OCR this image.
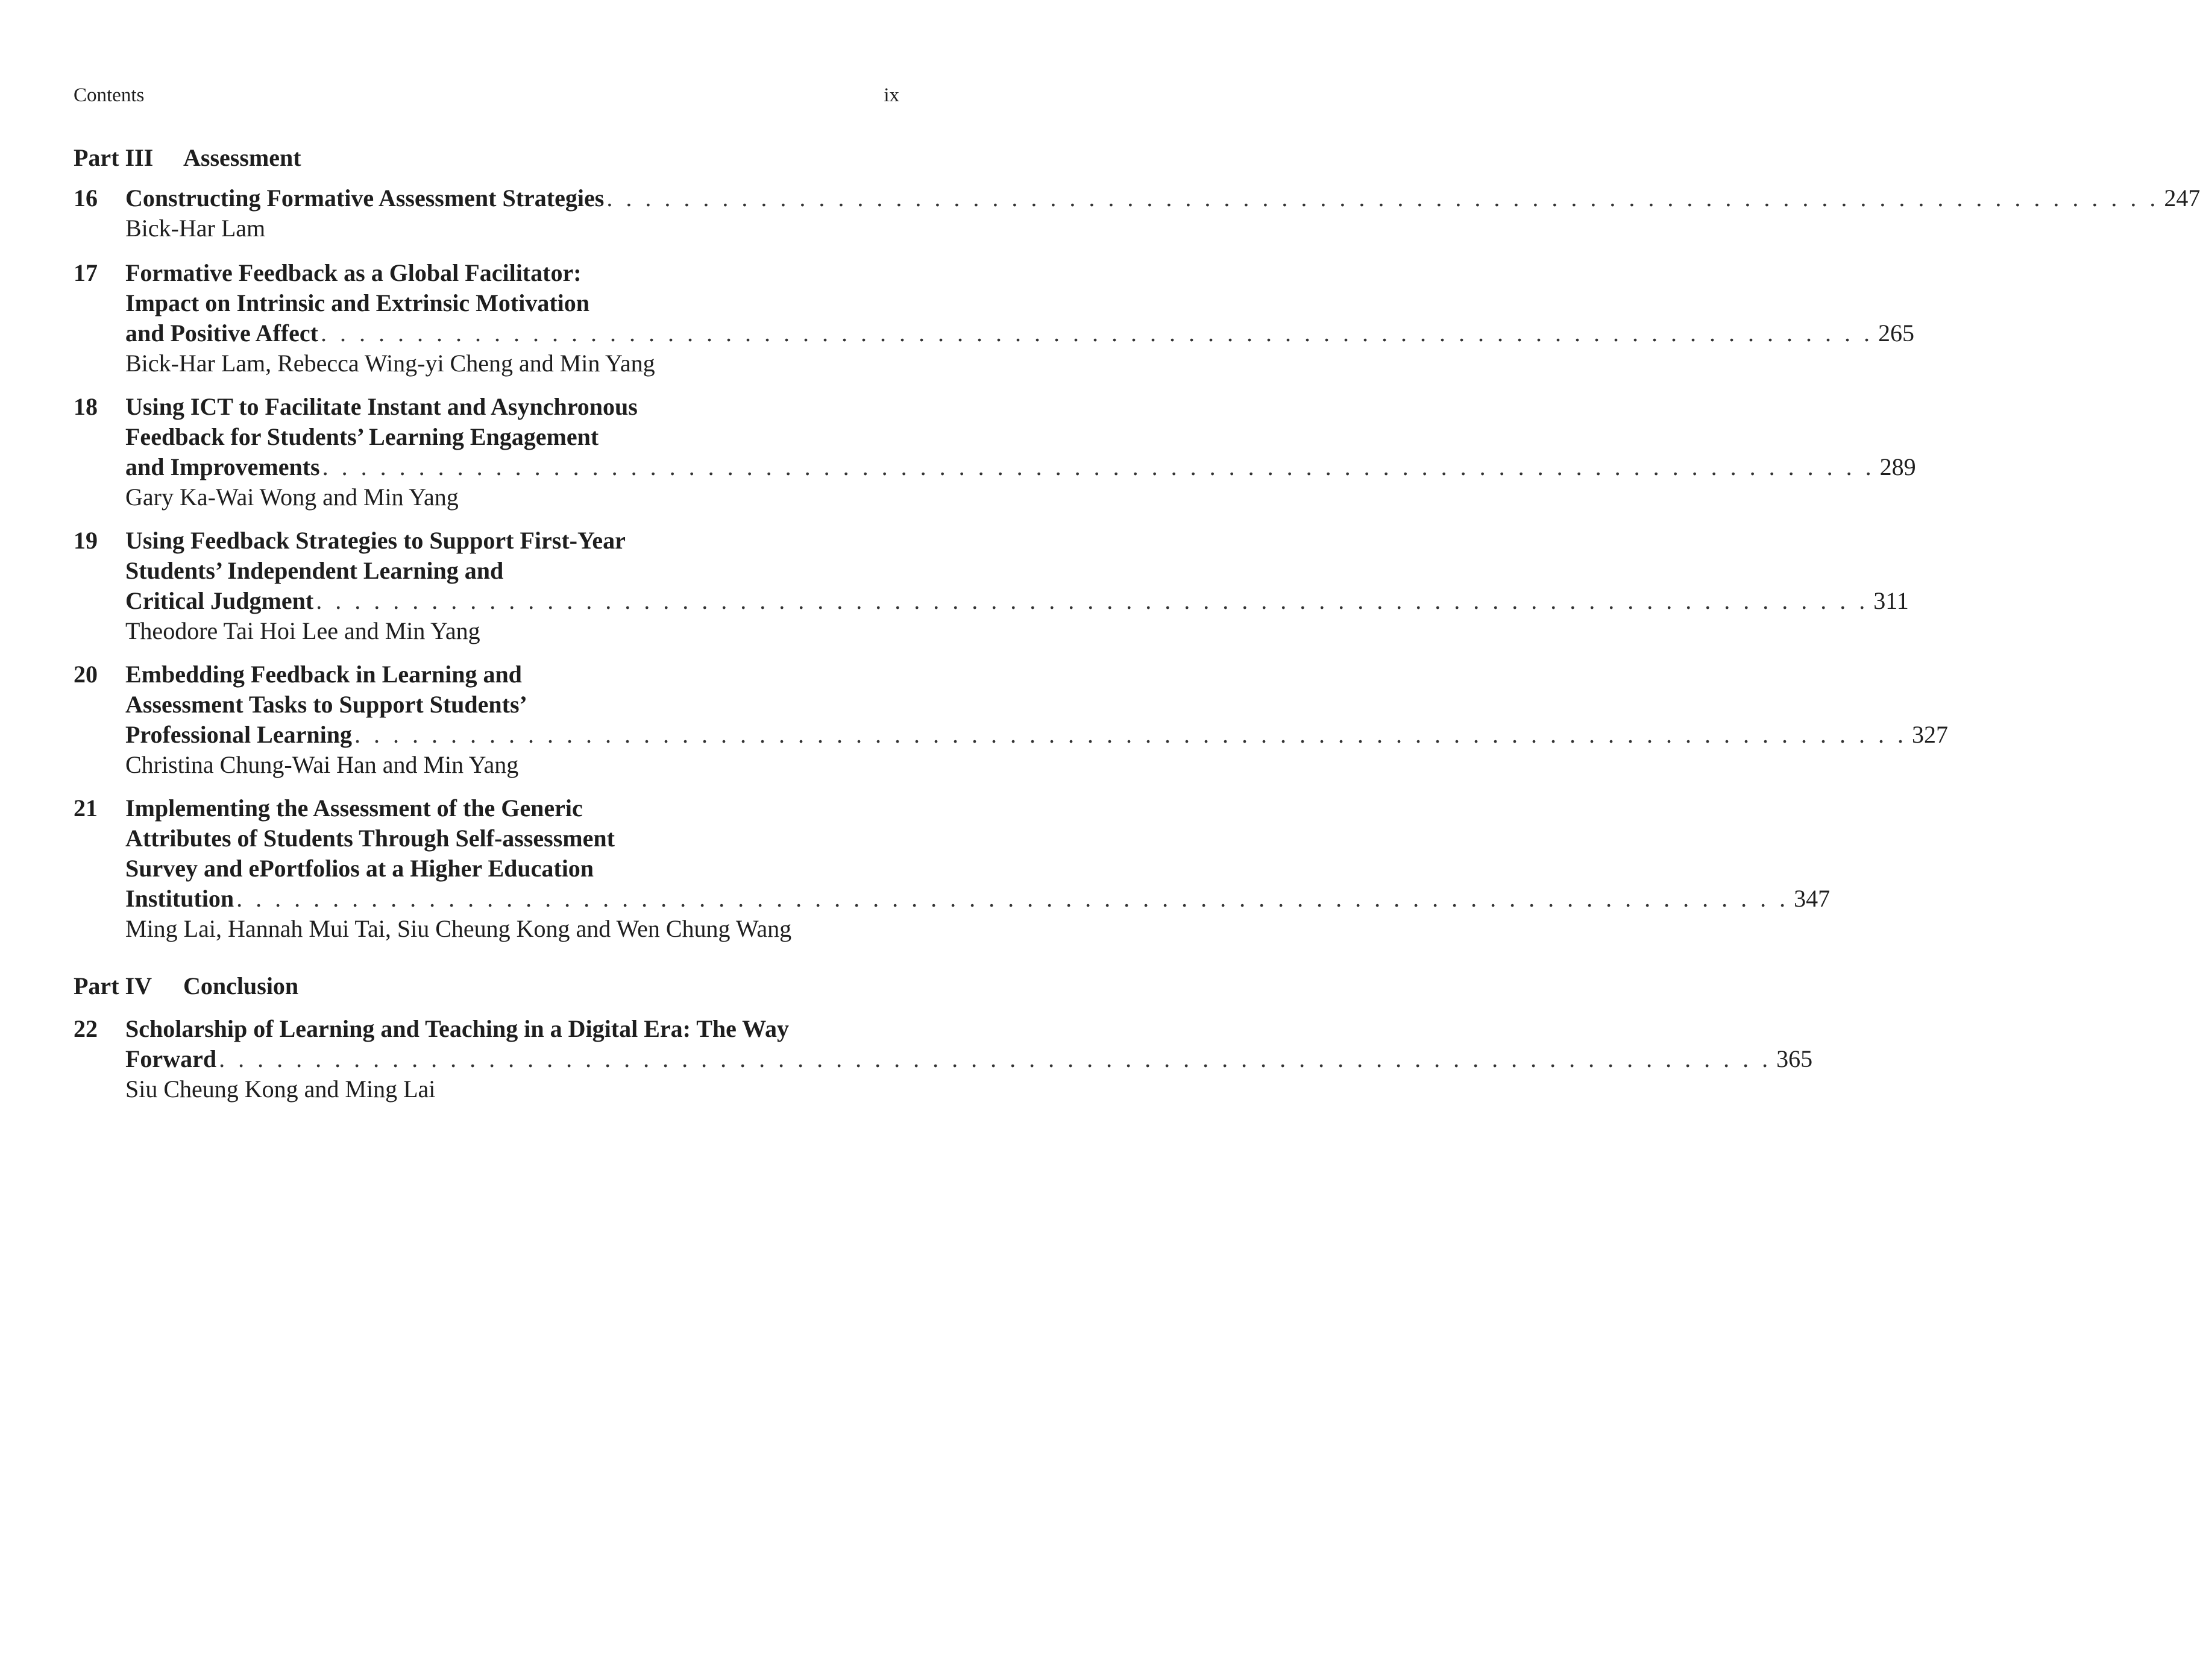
Contents	ix
Part III	Assessment
16	Constructing Formative Assessment Strategies . . . . . . . . . . . . . . . . . . . . . . . . . . . . . . . . . . . . . . . . . . . . . . . . . . . . . . . . . . . . . . . . . . . . . . . . . . . . . . . . . 247
Bick-Har Lam
17	Formative Feedback as a Global Facilitator:
Impact on Intrinsic and Extrinsic Motivation
and Positive Affect . . . . . . . . . . . . . . . . . . . . . . . . . . . . . . . . . . . . . . . . . . . . . . . . . . . . . . . . . . . . . . . . . . . . . . . . . . . . . . . . . 265
Bick-Har Lam, Rebecca Wing-yi Cheng and Min Yang
18	Using ICT to Facilitate Instant and Asynchronous
Feedback for Students’ Learning Engagement
and Improvements . . . . . . . . . . . . . . . . . . . . . . . . . . . . . . . . . . . . . . . . . . . . . . . . . . . . . . . . . . . . . . . . . . . . . . . . . . . . . . . . . 289
Gary Ka-Wai Wong and Min Yang
19	Using Feedback Strategies to Support First-Year
Students’ Independent Learning and
Critical Judgment . . . . . . . . . . . . . . . . . . . . . . . . . . . . . . . . . . . . . . . . . . . . . . . . . . . . . . . . . . . . . . . . . . . . . . . . . . . . . . . . . 311
Theodore Tai Hoi Lee and Min Yang
20	Embedding Feedback in Learning and
Assessment Tasks to Support Students’
Professional Learning . . . . . . . . . . . . . . . . . . . . . . . . . . . . . . . . . . . . . . . . . . . . . . . . . . . . . . . . . . . . . . . . . . . . . . . . . . . . . . . . . 327
Christina Chung-Wai Han and Min Yang
21	Implementing the Assessment of the Generic
Attributes of Students Through Self-assessment
Survey and ePortfolios at a Higher Education
Institution . . . . . . . . . . . . . . . . . . . . . . . . . . . . . . . . . . . . . . . . . . . . . . . . . . . . . . . . . . . . . . . . . . . . . . . . . . . . . . . . . 347
Ming Lai, Hannah Mui Tai, Siu Cheung Kong and Wen Chung Wang
Part IV	Conclusion
22	Scholarship of Learning and Teaching in a Digital Era: The Way
Forward . . . . . . . . . . . . . . . . . . . . . . . . . . . . . . . . . . . . . . . . . . . . . . . . . . . . . . . . . . . . . . . . . . . . . . . . . . . . . . . . . 365
Siu Cheung Kong and Ming Lai
